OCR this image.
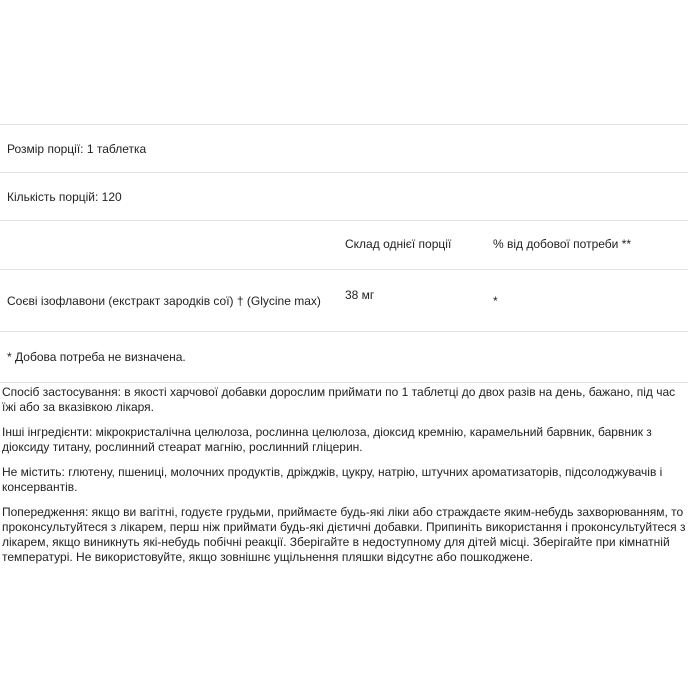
Розмір порції: 1 таблетка
Кількість порцій: 120
Склад однієї порції	% від добової потреби **
Соєві ізофлавони (екстракт зародків сої) † (Glycine max) 38 мг	*
* Добова потреба не визначена.

Спосіб застосування: в якості харчової добавки дорослим приймати по 1 таблетці до двох разів на день, бажано, під час їжі або за вказівкою лікаря.

Інші інгредієнти: мікрокристалічна целюлоза, рослинна целюлоза, діоксид кремнію, карамельний барвник, барвник з діоксиду титану, рослинний стеарат магнію, рослинний гліцерин.

Не містить: глютену, пшениці, молочних продуктів, дріжджів, цукру, натрію, штучних ароматизаторів, підсолоджувачів і консервантів.

Попередження: якщо ви вагітні, годуєте грудьми, приймаєте будь-які ліки або страждаєте яким-небудь захворюванням, то проконсультуйтеся з лікарем, перш ніж приймати будь-які дієтичні добавки. Припиніть використання і проконсультуйтеся з лікарем, якщо виникнуть які-небудь побічні реакції. Зберігайте в недоступному для дітей місці. Зберігайте при кімнатній температурі. Не використовуйте, якщо зовнішнє ущільнення пляшки відсутнє або пошкоджене.
